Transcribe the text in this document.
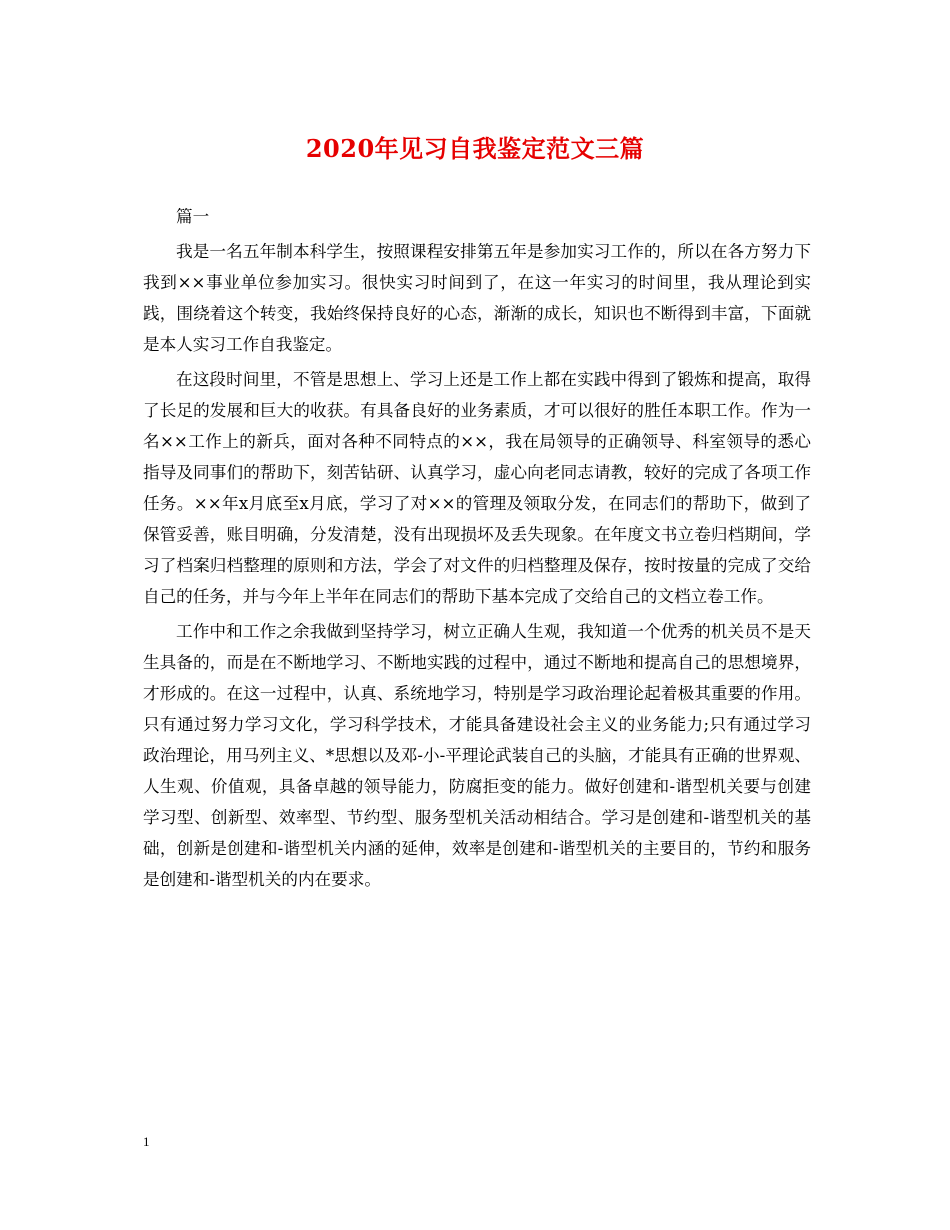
2020年见习自我鉴定范文三篇

篇一

我是一名五年制本科学生，按照课程安排第五年是参加实习工作的，所以在各方努力下我到××事业单位参加实习。很快实习时间到了，在这一年实习的时间里，我从理论到实践，围绕着这个转变，我始终保持良好的心态，渐渐的成长，知识也不断得到丰富，下面就是本人实习工作自我鉴定。

在这段时间里，不管是思想上、学习上还是工作上都在实践中得到了锻炼和提高，取得了长足的发展和巨大的收获。有具备良好的业务素质，才可以很好的胜任本职工作。作为一名××工作上的新兵，面对各种不同特点的××，我在局领导的正确领导、科室领导的悉心指导及同事们的帮助下，刻苦钻研、认真学习，虚心向老同志请教，较好的完成了各项工作任务。××年x月底至x月底，学习了对××的管理及领取分发，在同志们的帮助下，做到了保管妥善，账目明确，分发清楚，没有出现损坏及丢失现象。在年度文书立卷归档期间，学习了档案归档整理的原则和方法，学会了对文件的归档整理及保存，按时按量的完成了交给自己的任务，并与今年上半年在同志们的帮助下基本完成了交给自己的文档立卷工作。

工作中和工作之余我做到坚持学习，树立正确人生观，我知道一个优秀的机关员不是天生具备的，而是在不断地学习、不断地实践的过程中，通过不断地和提高自己的思想境界，才形成的。在这一过程中，认真、系统地学习，特别是学习政治理论起着极其重要的作用。只有通过努力学习文化，学习科学技术，才能具备建设社会主义的业务能力;只有通过学习政治理论，用马列主义、*思想以及邓-小-平理论武装自己的头脑，才能具有正确的世界观、人生观、价值观，具备卓越的领导能力，防腐拒变的能力。做好创建和-谐型机关要与创建学习型、创新型、效率型、节约型、服务型机关活动相结合。学习是创建和-谐型机关的基础，创新是创建和-谐型机关内涵的延伸，效率是创建和-谐型机关的主要目的，节约和服务是创建和-谐型机关的内在要求。

1
